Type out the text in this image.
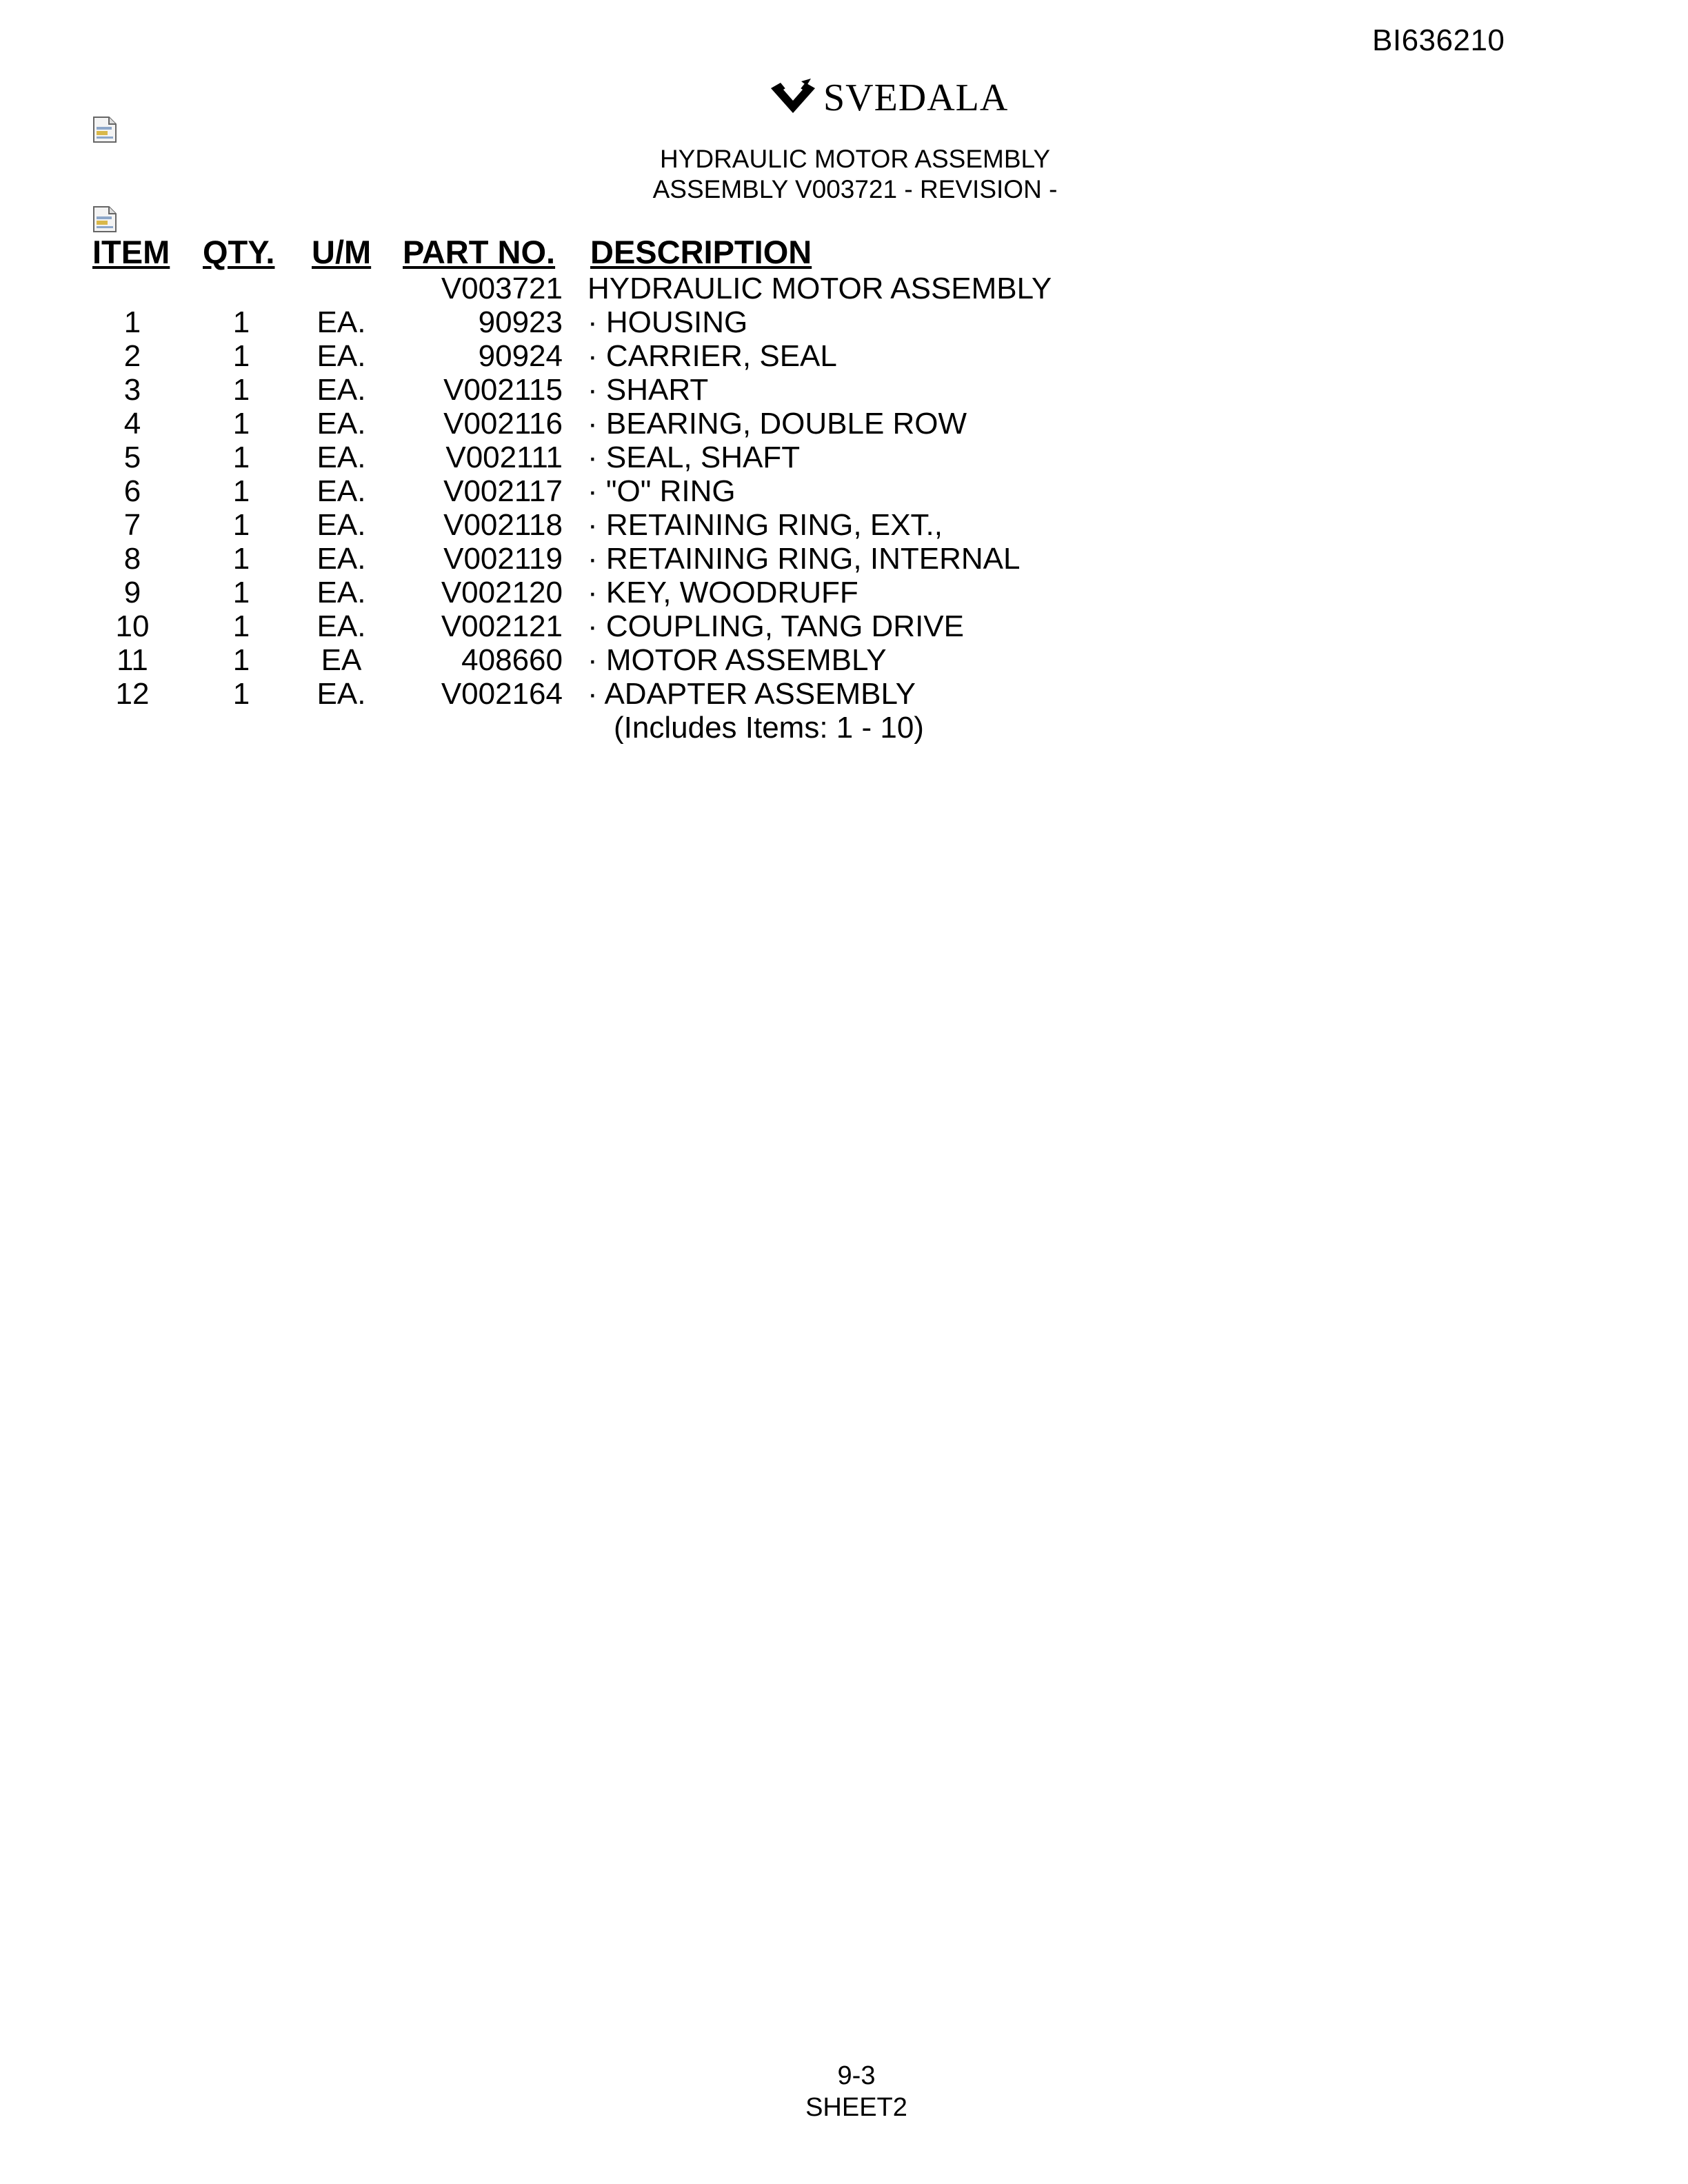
BI636210
SVEDALA
HYDRAULIC MOTOR ASSEMBLY
ASSEMBLY V003721 - REVISION -
ITEM QTY. U/M PART NO. DESCRIPTION
V003721 HYDRAULIC MOTOR ASSEMBLY
1	1	EA.	90923 · HOUSING
2	1	EA.	90924 · CARRIER, SEAL
3	1	EA.	V002115 · SHART
4	1	EA.	V002116 · BEARING, DOUBLE ROW
5	1	EA.	V002111 · SEAL, SHAFT
6	1	EA.	V002117 · "O" RING
7	1	EA.	V002118 · RETAINING RING, EXT.,
8	1	EA.	V002119 · RETAINING RING, INTERNAL
9	1	EA.	V002120 · KEY, WOODRUFF
10	1	EA.	V002121 · COUPLING, TANG DRIVE
11	1	EA	408660 · MOTOR ASSEMBLY
12	1	EA.	V002164 · ADAPTER ASSEMBLY
(Includes Items: 1 - 10)
9-3
SHEET2
